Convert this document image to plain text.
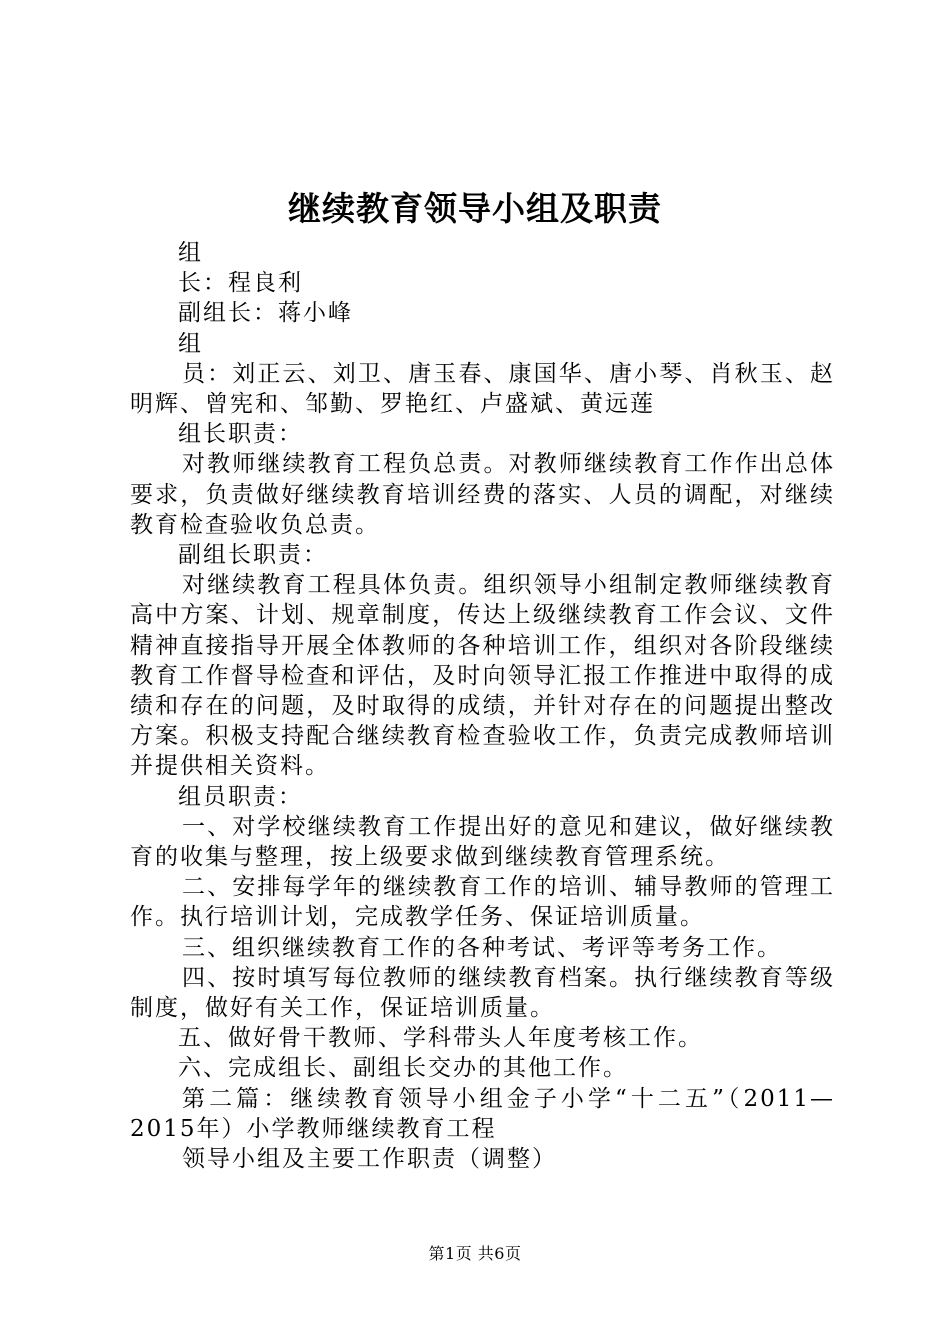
继续教育领导小组及职责

组

长：程良利

副组长：蒋小峰

组

员：刘正云、刘卫、唐玉春、康国华、唐小琴、肖秋玉、赵明辉、曾宪和、邹勤、罗艳红、卢盛斌、黄远莲

组长职责：

对教师继续教育工程负总责。对教师继续教育工作作出总体要求，负责做好继续教育培训经费的落实、人员的调配，对继续教育检查验收负总责。

副组长职责：

对继续教育工程具体负责。组织领导小组制定教师继续教育高中方案、计划、规章制度，传达上级继续教育工作会议、文件精神直接指导开展全体教师的各种培训工作，组织对各阶段继续教育工作督导检查和评估，及时向领导汇报工作推进中取得的成绩和存在的问题，及时取得的成绩，并针对存在的问题提出整改方案。积极支持配合继续教育检查验收工作，负责完成教师培训并提供相关资料。

组员职责：

一、对学校继续教育工作提出好的意见和建议，做好继续教育的收集与整理，按上级要求做到继续教育管理系统。

二、安排每学年的继续教育工作的培训、辅导教师的管理工作。执行培训计划，完成教学任务、保证培训质量。

三、组织继续教育工作的各种考试、考评等考务工作。

四、按时填写每位教师的继续教育档案。执行继续教育等级制度，做好有关工作，保证培训质量。

五、做好骨干教师、学科带头人年度考核工作。

六、完成组长、副组长交办的其他工作。

第二篇：继续教育领导小组金子小学“十二五”（2011—2015年）小学教师继续教育工程

领导小组及主要工作职责（调整）

第1页 共6页
